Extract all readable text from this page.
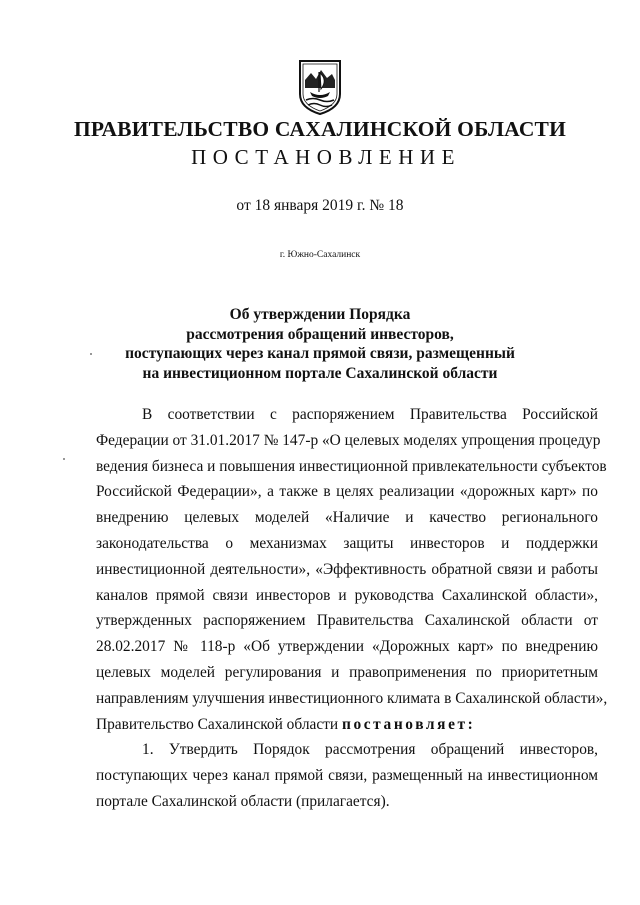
ПРАВИТЕЛЬСТВО САХАЛИНСКОЙ ОБЛАСТИ
ПОСТАНОВЛЕНИЕ
от 18 января 2019 г. № 18
г. Южно-Сахалинск
Об утверждении Порядка
рассмотрения обращений инвесторов,
поступающих через канал прямой связи, размещенный
на инвестиционном портале Сахалинской области
В соответствии с распоряжением Правительства Российской
Федерации от 31.01.2017 № 147-р «О целевых моделях упрощения процедур
ведения бизнеса и повышения инвестиционной привлекательности субъектов
Российской Федерации», а также в целях реализации «дорожных карт» по
внедрению целевых моделей «Наличие и качество регионального
законодательства о механизмах защиты инвесторов и поддержки
инвестиционной деятельности», «Эффективность обратной связи и работы
каналов прямой связи инвесторов и руководства Сахалинской области»,
утвержденных распоряжением Правительства Сахалинской области от
28.02.2017 № 118-р «Об утверждении «Дорожных карт» по внедрению
целевых моделей регулирования и правоприменения по приоритетным
направлениям улучшения инвестиционного климата в Сахалинской области»,
Правительство Сахалинской области постановляет:
1. Утвердить Порядок рассмотрения обращений инвесторов,
поступающих через канал прямой связи, размещенный на инвестиционном
портале Сахалинской области (прилагается).
